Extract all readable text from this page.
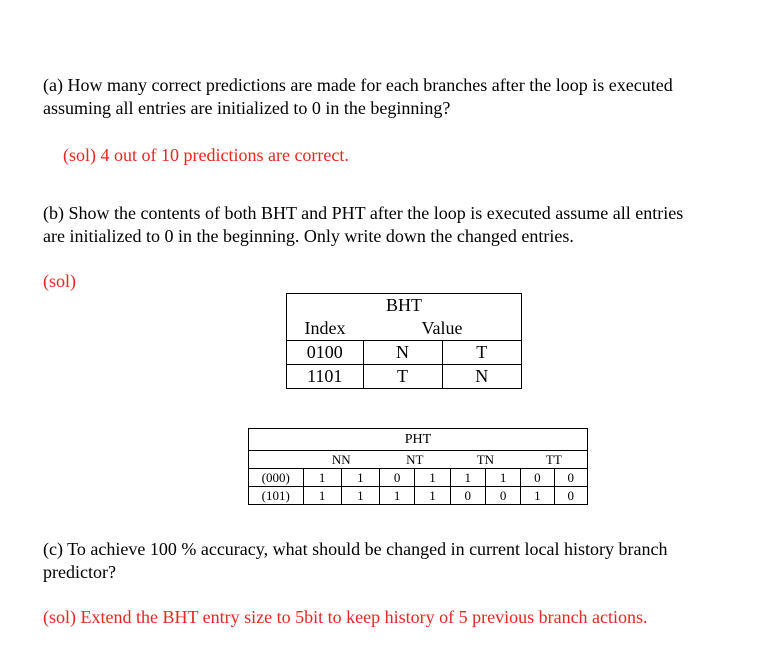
(a) How many correct predictions are made for each branches after the loop is executed
assuming all entries are initialized to 0 in the beginning?
(sol) 4 out of 10 predictions are correct.
(b) Show the contents of both BHT and PHT after the loop is executed assume all entries
are initialized to 0 in the beginning. Only write down the changed entries.
(sol)
BHT		
Index	Value	
0100	N	T
1101	T	N
PHT								
	NN		NT		TN		TT	
(000)	1	1	0	1	1	1	0	0
(101)	1	1	1	1	0	0	1	0
(c) To achieve 100 % accuracy, what should be changed in current local history branch
predictor?
(sol) Extend the BHT entry size to 5bit to keep history of 5 previous branch actions.
